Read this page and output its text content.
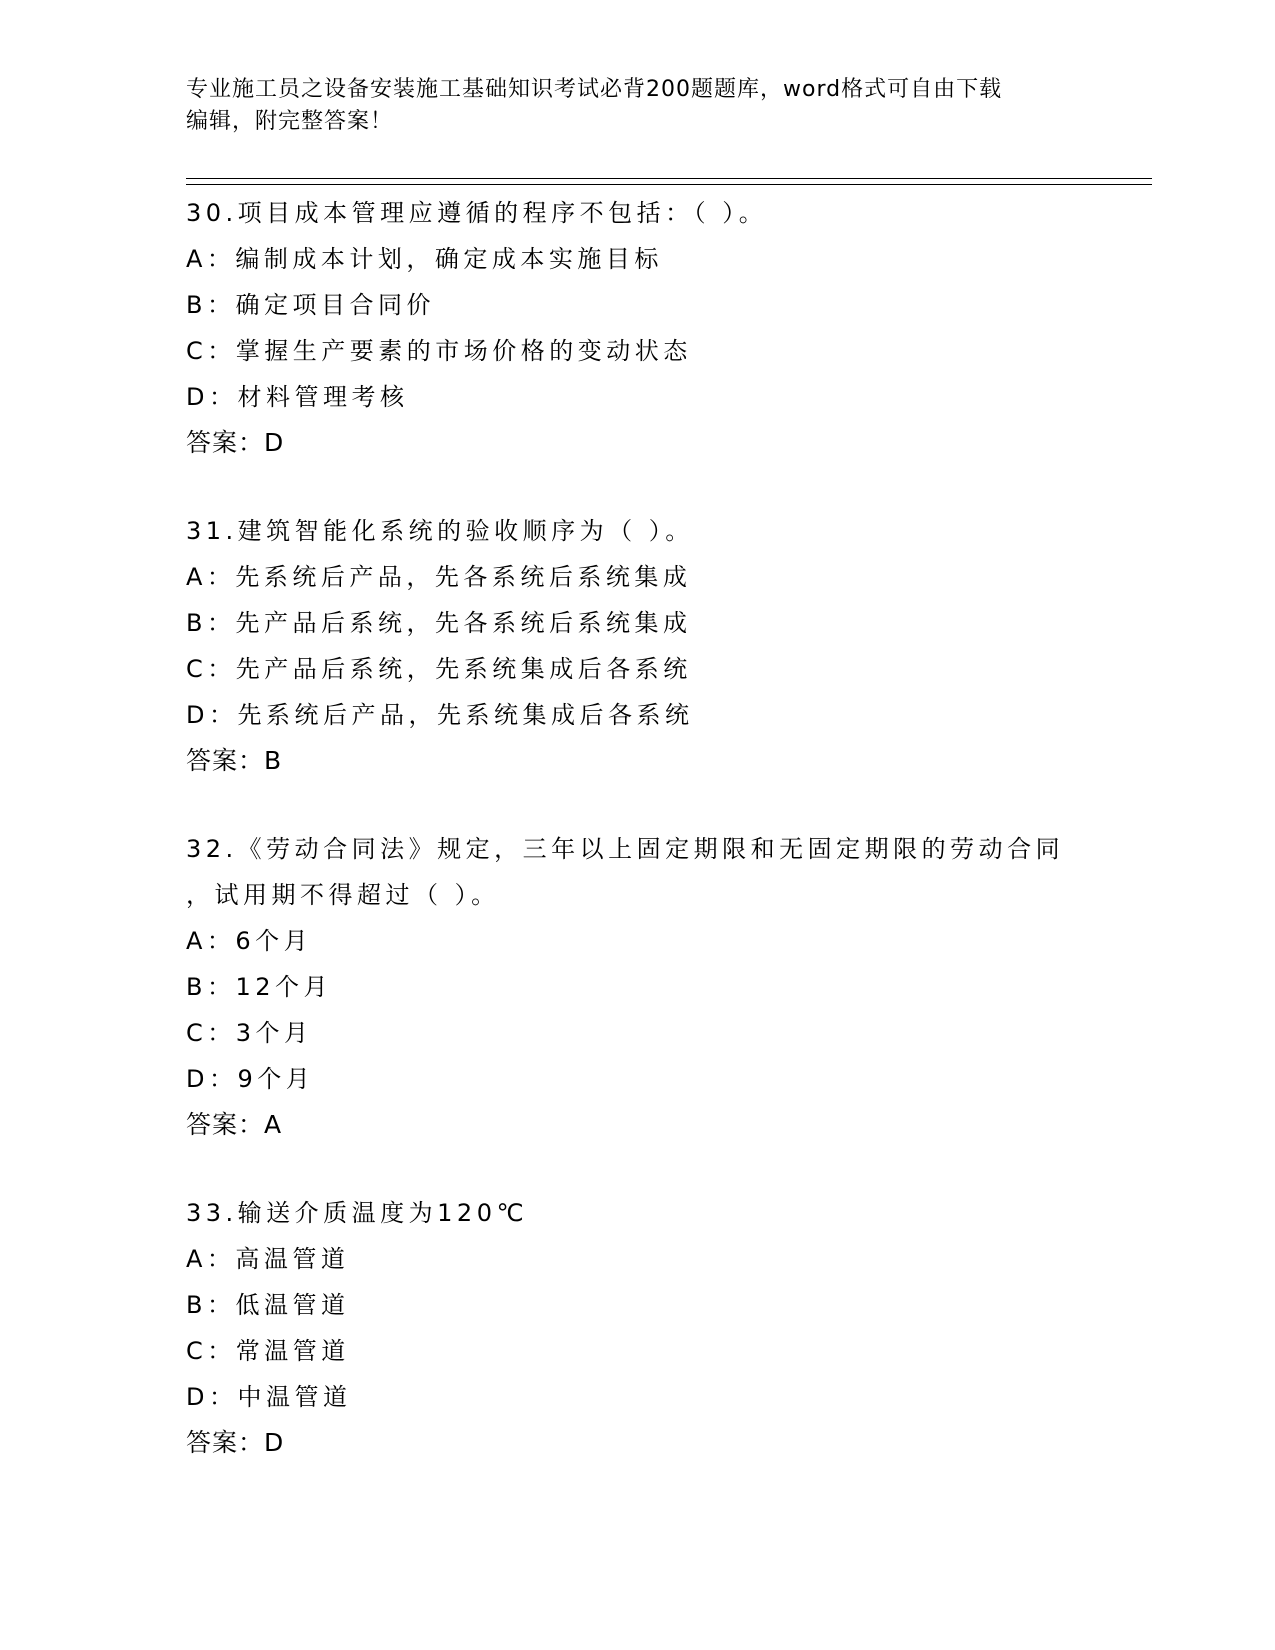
专业施工员之设备安装施工基础知识考试必背200题题库，word格式可自由下载
编辑，附完整答案！
30.项目成本管理应遵循的程序不包括：（ ）。
A：编制成本计划，确定成本实施目标
B：确定项目合同价
C：掌握生产要素的市场价格的变动状态
D：材料管理考核
答案：D
31.建筑智能化系统的验收顺序为（ ）。
A：先系统后产品，先各系统后系统集成
B：先产品后系统，先各系统后系统集成
C：先产品后系统，先系统集成后各系统
D：先系统后产品，先系统集成后各系统
答案：B
32.《劳动合同法》规定，三年以上固定期限和无固定期限的劳动合同
，试用期不得超过（ ）。
A：6个月
B：12个月
C：3个月
D：9个月
答案：A
33.输送介质温度为120℃
A：高温管道
B：低温管道
C：常温管道
D：中温管道
答案：D
